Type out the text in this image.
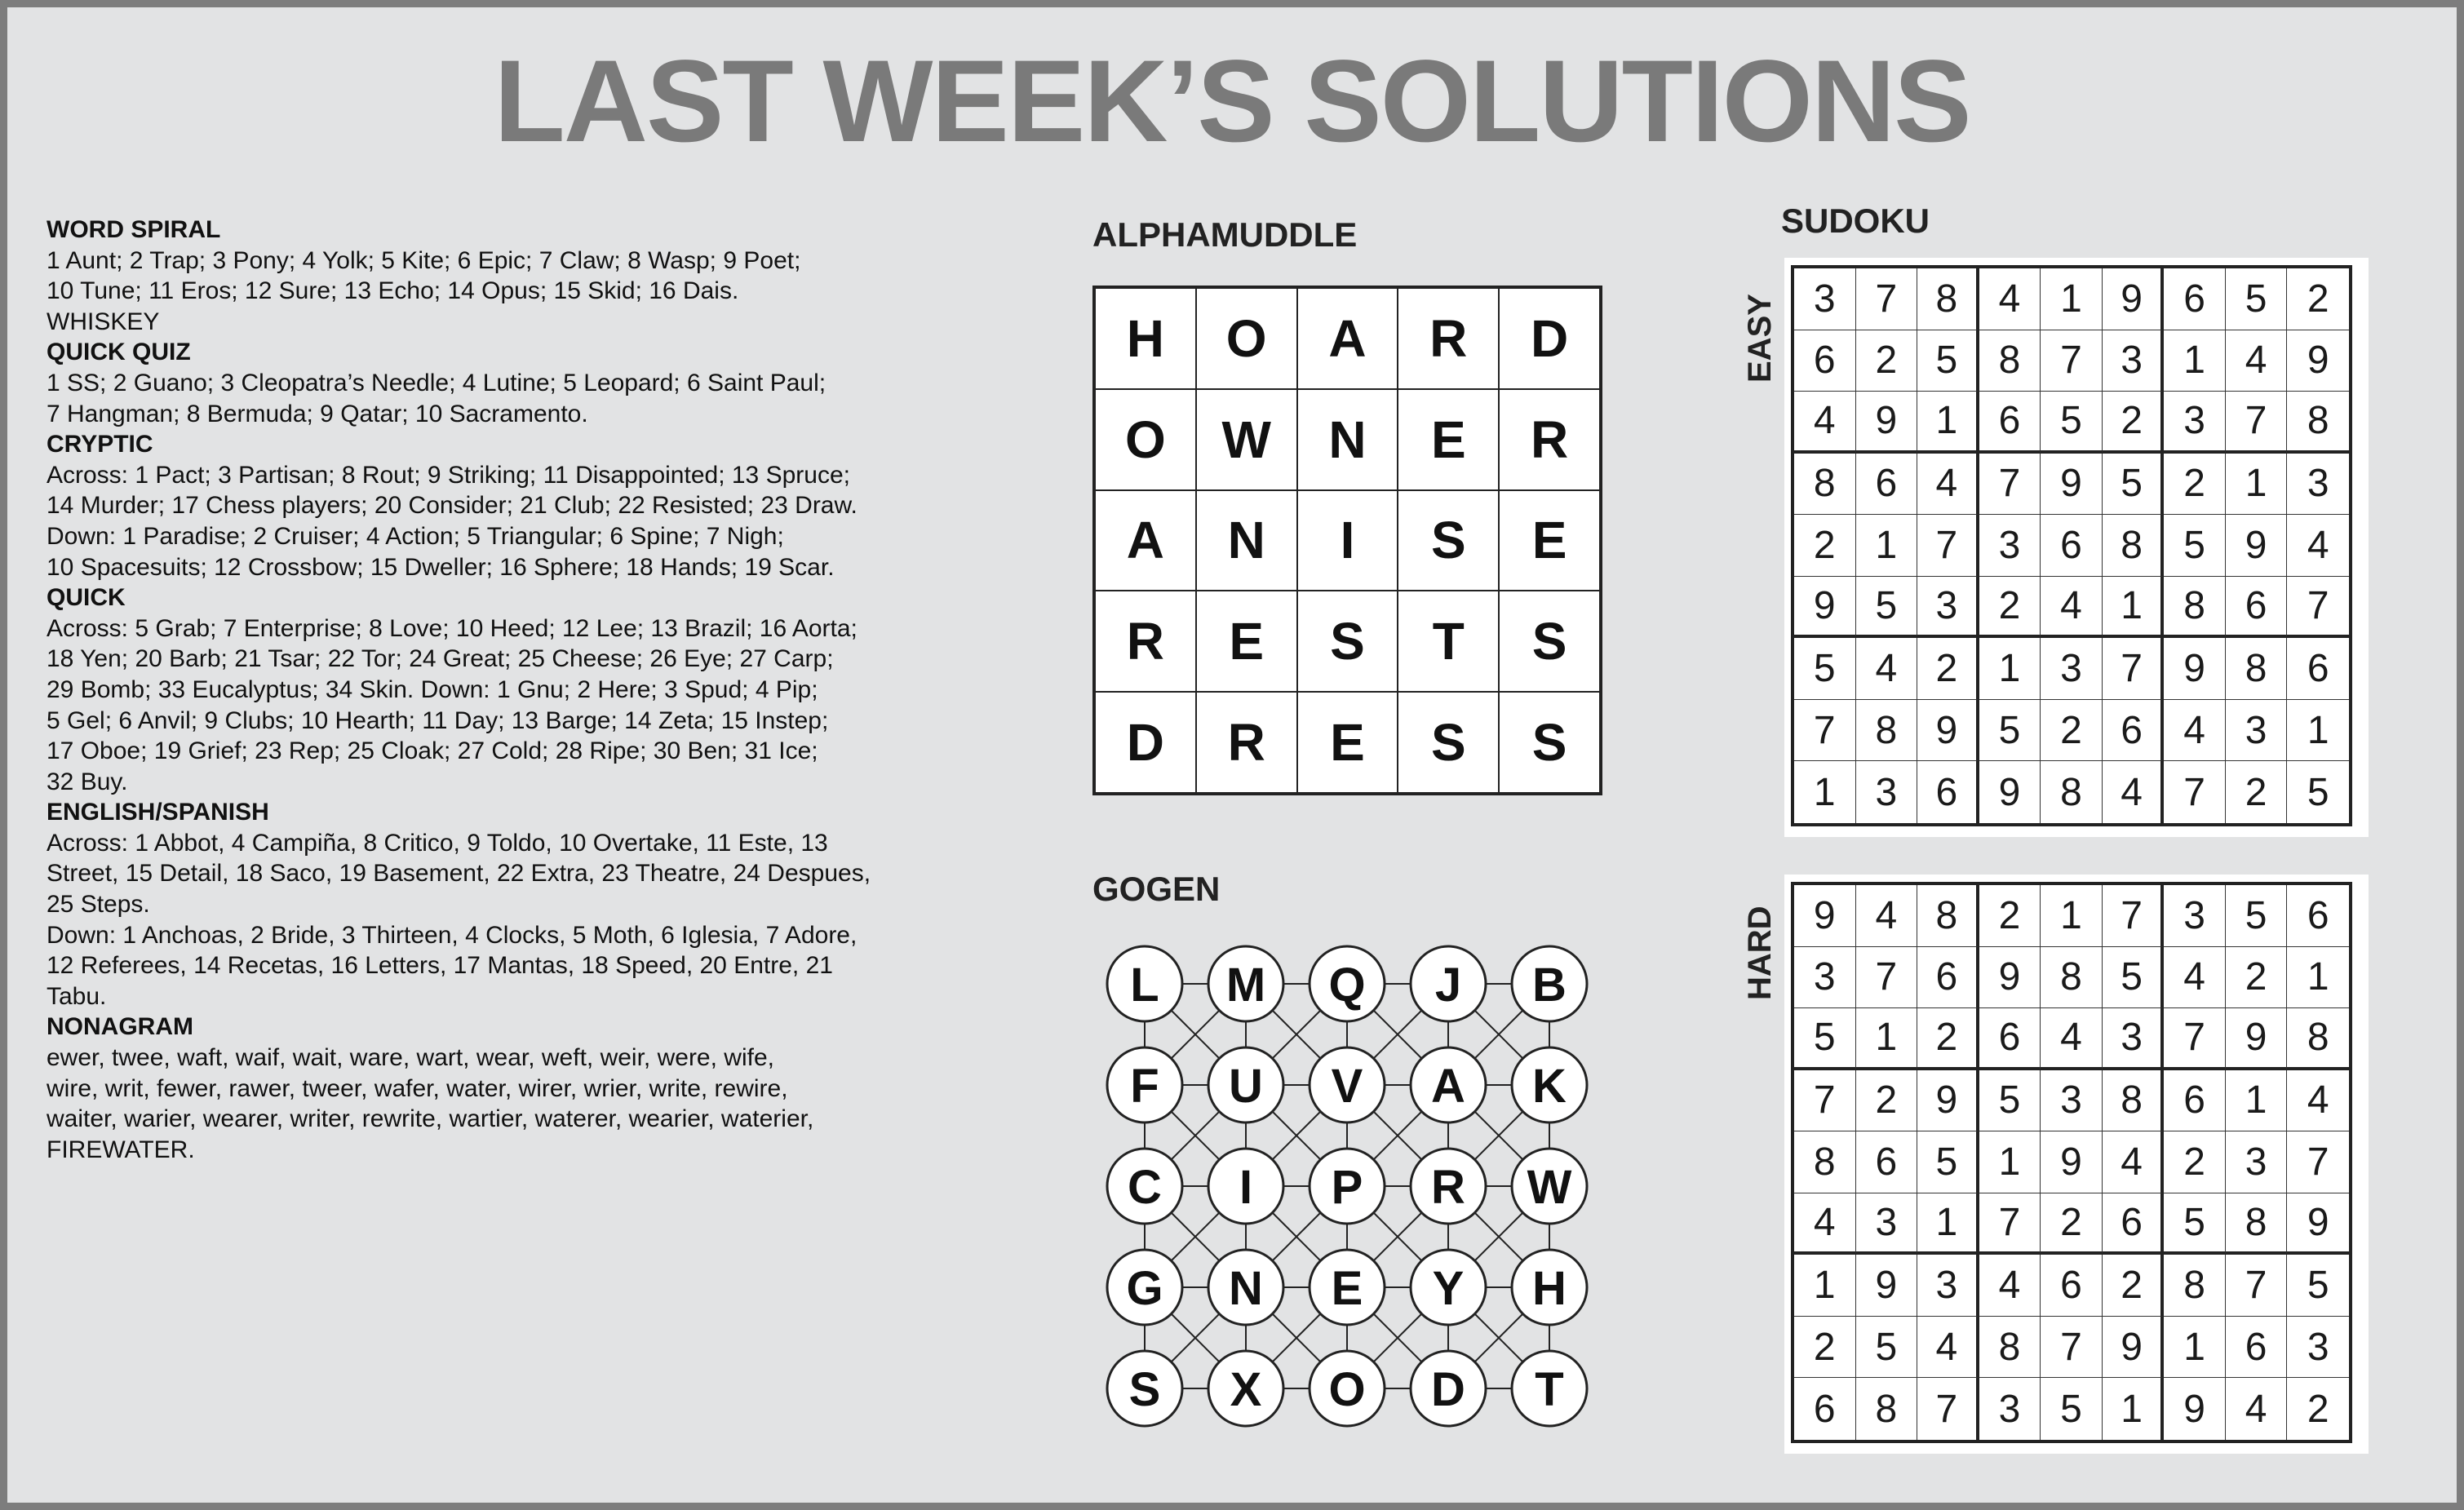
LAST WEEK’S SOLUTIONS
WORD SPIRAL
1 Aunt; 2 Trap; 3 Pony; 4 Yolk; 5 Kite; 6 Epic; 7 Claw; 8 Wasp; 9 Poet;
10 Tune; 11 Eros; 12 Sure; 13 Echo; 14 Opus; 15 Skid; 16 Dais.
WHISKEY
QUICK QUIZ
1 SS; 2 Guano; 3 Cleopatra’s Needle; 4 Lutine; 5 Leopard; 6 Saint Paul;
7 Hangman; 8 Bermuda; 9 Qatar; 10 Sacramento.
CRYPTIC
Across: 1 Pact; 3 Partisan; 8 Rout; 9 Striking; 11 Disappointed; 13 Spruce;
14 Murder; 17 Chess players; 20 Consider; 21 Club; 22 Resisted; 23 Draw.
Down: 1 Paradise; 2 Cruiser; 4 Action; 5 Triangular; 6 Spine; 7 Nigh;
10 Spacesuits; 12 Crossbow; 15 Dweller; 16 Sphere; 18 Hands; 19 Scar.
QUICK
Across: 5 Grab; 7 Enterprise; 8 Love; 10 Heed; 12 Lee; 13 Brazil; 16 Aorta;
18 Yen; 20 Barb; 21 Tsar; 22 Tor; 24 Great; 25 Cheese; 26 Eye; 27 Carp;
29 Bomb; 33 Eucalyptus; 34 Skin. Down: 1 Gnu; 2 Here; 3 Spud; 4 Pip;
5 Gel; 6 Anvil; 9 Clubs; 10 Hearth; 11 Day; 13 Barge; 14 Zeta; 15 Instep;
17 Oboe; 19 Grief; 23 Rep; 25 Cloak; 27 Cold; 28 Ripe; 30 Ben; 31 Ice;
32 Buy.
ENGLISH/SPANISH
Across: 1 Abbot, 4 Campiña, 8 Critico, 9 Toldo, 10 Overtake, 11 Este, 13
Street, 15 Detail, 18 Saco, 19 Basement, 22 Extra, 23 Theatre, 24 Despues,
25 Steps.
Down: 1 Anchoas, 2 Bride, 3 Thirteen, 4 Clocks, 5 Moth, 6 Iglesia, 7 Adore,
12 Referees, 14 Recetas, 16 Letters, 17 Mantas, 18 Speed, 20 Entre, 21
Tabu.
NONAGRAM
ewer, twee, waft, waif, wait, ware, wart, wear, weft, weir, were, wife,
wire, writ, fewer, rawer, tweer, wafer, water, wirer, wrier, write, rewire,
waiter, warier, wearer, writer, rewrite, wartier, waterer, wearier, waterier,
FIREWATER.
ALPHAMUDDLE
H	O	A	R	D
O	W	N	E	R
A	N	I	S	E
R	E	S	T	S
D	R	E	S	S
GOGEN
L M Q J B
F U V A K
C I P R W
G N E Y H
S X O D T
SUDOKU
EASY 3	7 8	4	1 9	6	5	2
6	2 5	8	7 3	1	4	9
4	9 1	6	5 2	3	7	8
8	6 4	7	9 5	2	1	3
2	1 7	3	6 8	5	9	4
9	5 3	2	4 1	8	6	7
5	4 2	1	3 7	9	8	6
7	8 9	5	2 6	4	3	1
1	3 6	9	8 4	7	2	5
HARD 9	4 8	2	1 7	3	5	6
3	7 6	9	8 5	4	2	1
5	1 2	6	4 3	7	9	8
7	2 9	5	3 8	6	1	4
8	6 5	1	9 4	2	3	7
4	3 1	7	2 6	5	8	9
1	9 3	4	6 2	8	7	5
2	5 4	8	7 9	1	6	3
6	8 7	3	5 1	9	4	2
